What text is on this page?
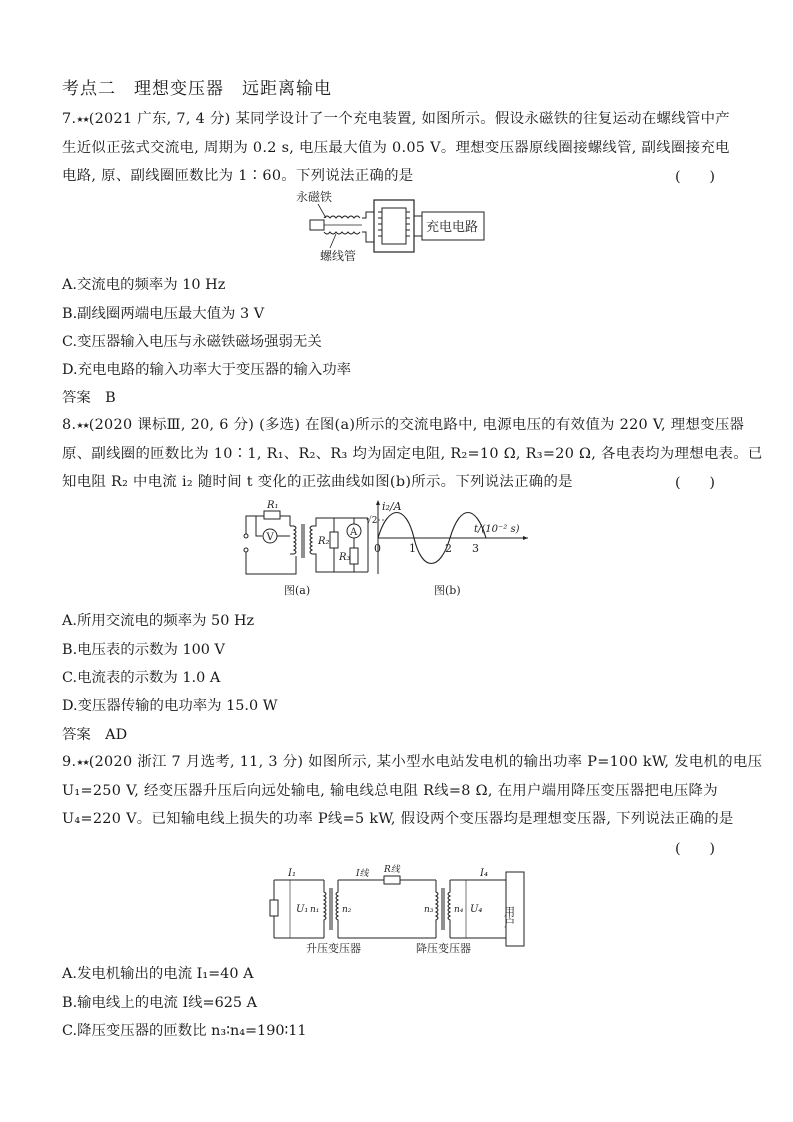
考点二　理想变压器　远距离输电
7.★★(2021 广东, 7, 4 分) 某同学设计了一个充电装置, 如图所示。假设永磁铁的往复运动在螺线管中产
生近似正弦式交流电, 周期为 0.2 s, 电压最大值为 0.05 V。理想变压器原线圈接螺线管, 副线圈接充电
电路, 原、副线圈匝数比为 1∶60。下列说法正确的是	(　　)
永磁铁
充电电路
螺线管
A.交流电的频率为 10 Hz
B.副线圈两端电压最大值为 3 V
C.变压器输入电压与永磁铁磁场强弱无关
D.充电电路的输入功率大于变压器的输入功率
答案　B
8.★★(2020 课标Ⅲ, 20, 6 分) (多选) 在图(a)所示的交流电路中, 电源电压的有效值为 220 V, 理想变压器
原、副线圈的匝数比为 10∶1, R₁、R₂、R₃ 均为固定电阻, R₂=10 Ω, R₃=20 Ω, 各电表均为理想电表。已
知电阻 R₂ 中电流 i₂ 随时间 t 变化的正弦曲线如图(b)所示。下列说法正确的是	(　　)
R₁
V	R₂
A
R₃
图(a)
i₂/A
√2
0	1	2 3
t/(10⁻² s)
图(b)
A.所用交流电的频率为 50 Hz
B.电压表的示数为 100 V
C.电流表的示数为 1.0 A
D.变压器传输的电功率为 15.0 W
答案　AD
9.★★(2020 浙江 7 月选考, 11, 3 分) 如图所示, 某小型水电站发电机的输出功率 P=100 kW, 发电机的电压
U₁=250 V, 经变压器升压后向远处输电, 输电线总电阻 R线=8 Ω, 在用户端用降压变压器把电压降为
U₄=220 V。已知输电线上损失的功率 P线=5 kW, 假设两个变压器均是理想变压器, 下列说法正确的是
(　　)
I₁
U₁ n₁	n₂
升压变压器
I线 R线
n₃ n₄ U₄
I₄
降压变压器
用户
A.发电机输出的电流 I₁=40 A
B.输电线上的电流 I线=625 A
C.降压变压器的匝数比 n₃∶n₄=190∶11
